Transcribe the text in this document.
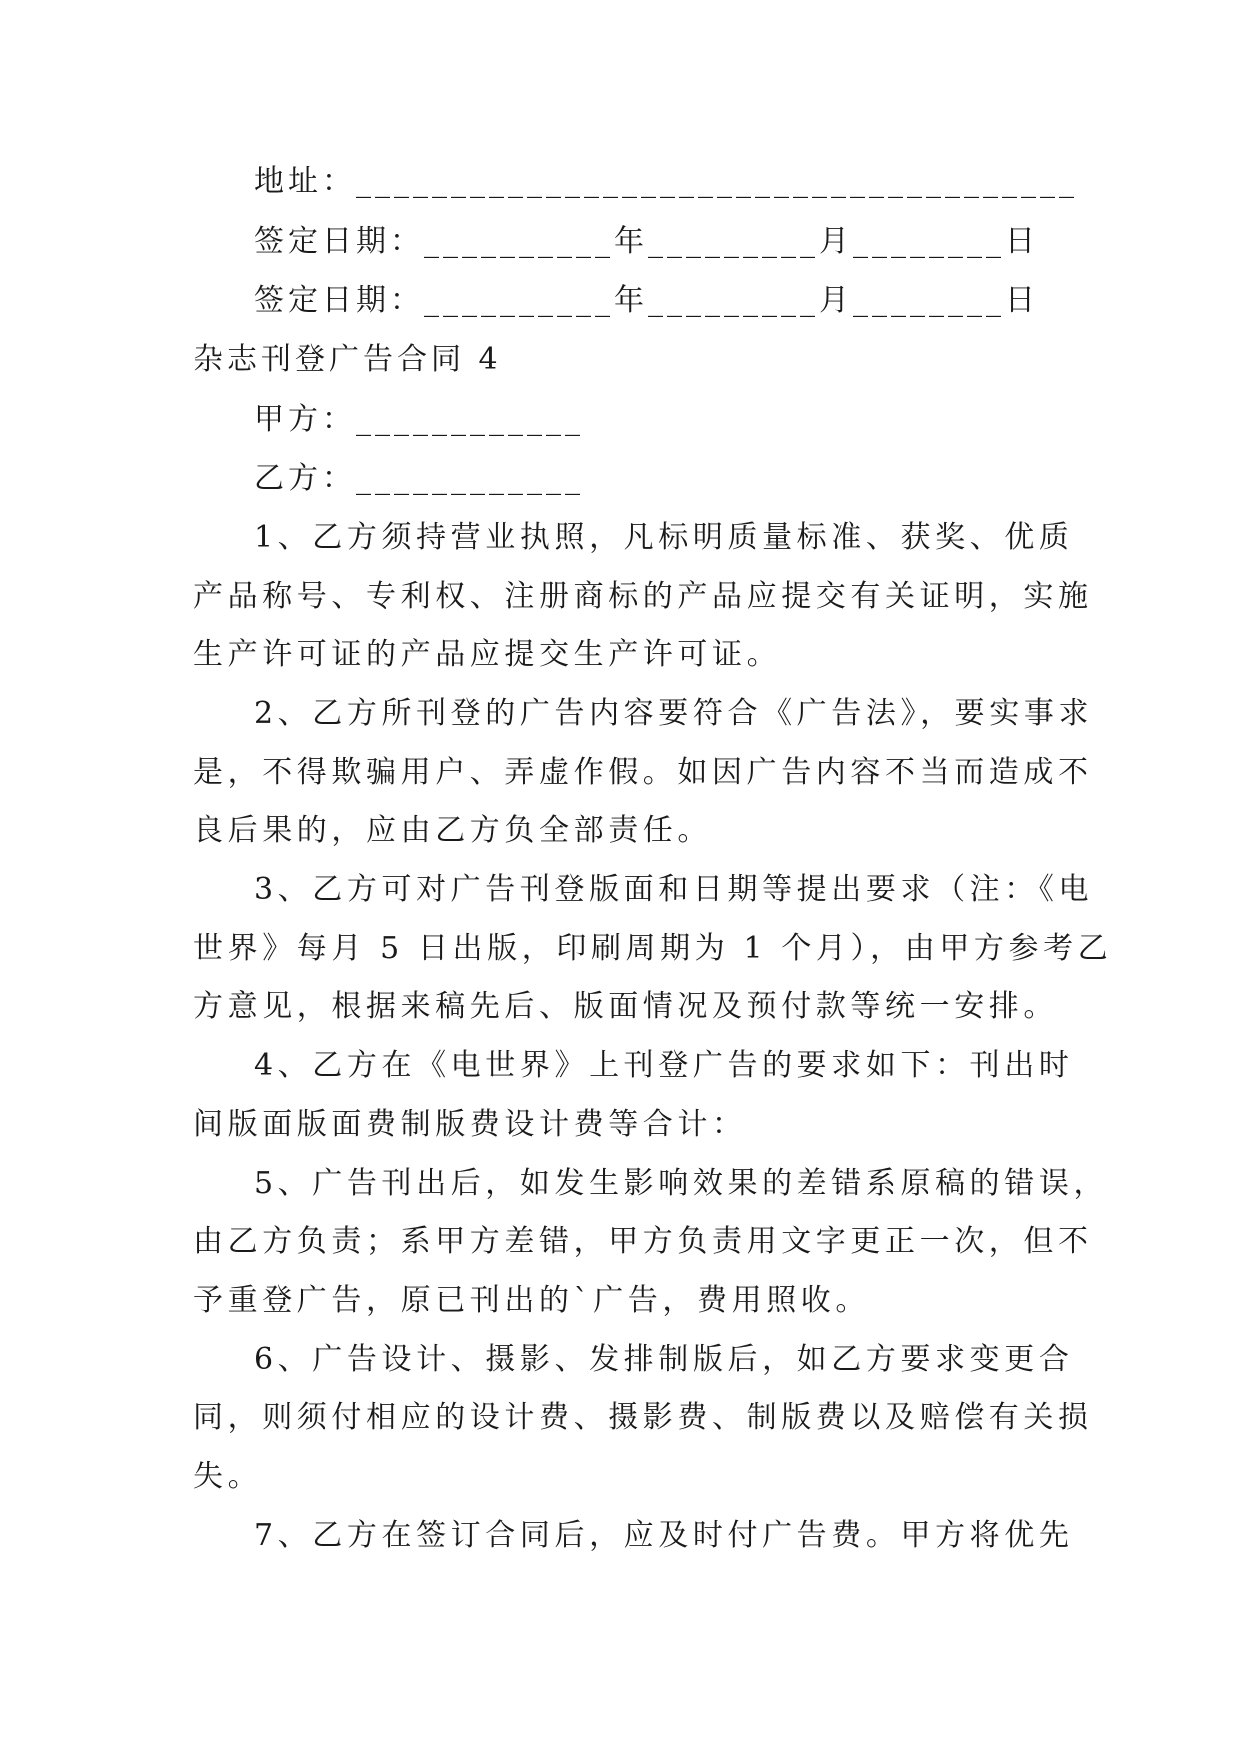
地址：______________________________________
签定日期：__________年_________月________日
签定日期：__________年_________月________日
杂志刊登广告合同 4
甲方：____________
乙方：____________
1、乙方须持营业执照，凡标明质量标准、获奖、优质
产品称号、专利权、注册商标的产品应提交有关证明，实施
生产许可证的产品应提交生产许可证。
2、乙方所刊登的广告内容要符合《广告法》，要实事求
是，不得欺骗用户、弄虚作假。如因广告内容不当而造成不
良后果的，应由乙方负全部责任。
3、乙方可对广告刊登版面和日期等提出要求（注：《电
世界》每月 5 日出版，印刷周期为 1 个月），由甲方参考乙
方意见，根据来稿先后、版面情况及预付款等统一安排。
4、乙方在《电世界》上刊登广告的要求如下：刊出时
间版面版面费制版费设计费等合计：
5、广告刊出后，如发生影响效果的差错系原稿的错误，
由乙方负责；系甲方差错，甲方负责用文字更正一次，但不
予重登广告，原已刊出的`广告，费用照收。
6、广告设计、摄影、发排制版后，如乙方要求变更合
同，则须付相应的设计费、摄影费、制版费以及赔偿有关损
失。
7、乙方在签订合同后，应及时付广告费。甲方将优先
